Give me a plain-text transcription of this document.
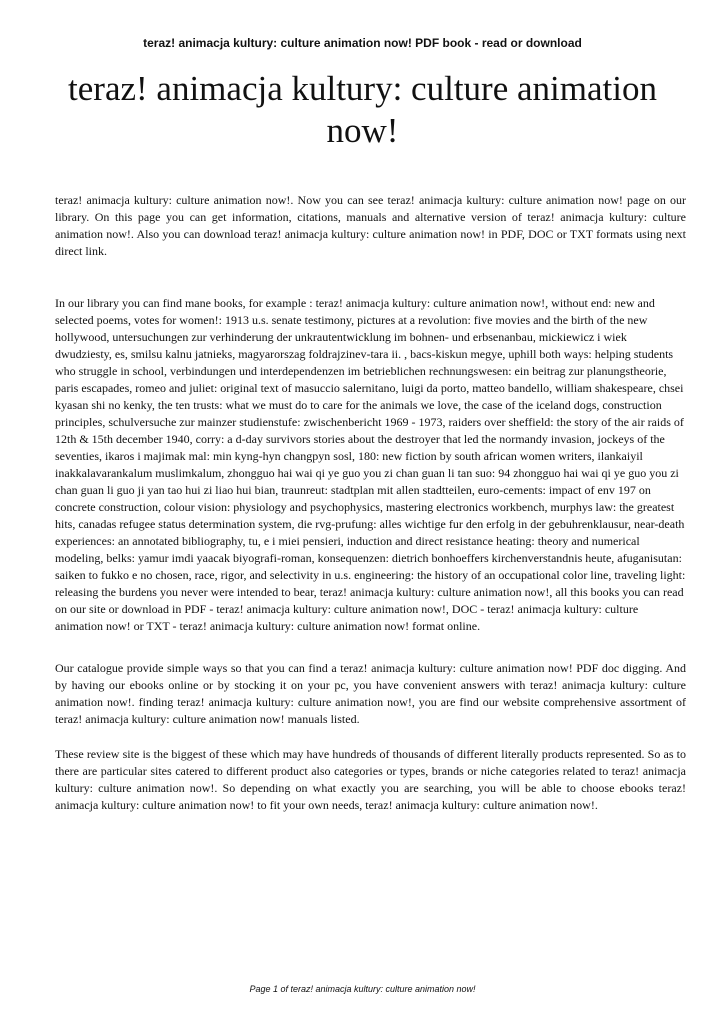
teraz! animacja kultury: culture animation now! PDF book - read or download
teraz! animacja kultury: culture animation now!

teraz! animacja kultury: culture animation now!. Now you can see teraz! animacja kultury: culture animation now! page on our library. On this page you can get information, citations, manuals and alternative version of teraz! animacja kultury: culture animation now!. Also you can download teraz! animacja kultury: culture animation now! in PDF, DOC or TXT formats using next direct link.

In our library you can find mane books, for example : teraz! animacja kultury: culture animation now!, without end: new and selected poems, votes for women!: 1913 u.s. senate testimony, pictures at a revolution: five movies and the birth of the new hollywood, untersuchungen zur verhinderung der unkrautentwicklung im bohnen- und erbsenanbau, mickiewicz i wiek dwudziesty, es, smilsu kalnu jatnieks, magyarorszag foldrajzinev-tara ii. , bacs-kiskun megye, uphill both ways: helping students who struggle in school, verbindungen und interdependenzen im betrieblichen rechnungswesen: ein beitrag zur planungstheorie, paris escapades, romeo and juliet: original text of masuccio salernitano, luigi da porto, matteo bandello, william shakespeare, chsei kyasan shi no kenky, the ten trusts: what we must do to care for the animals we love, the case of the iceland dogs, construction principles, schulversuche zur mainzer studienstufe: zwischenbericht 1969 - 1973, raiders over sheffield: the story of the air raids of 12th & 15th december 1940, corry: a d-day survivors stories about the destroyer that led the normandy invasion, jockeys of the seventies, ikaros i majimak mal: min kyng-hyn changpyn sosl, 180: new fiction by south african women writers, ilankaiyil inakkalavarankalum muslimkalum, zhongguo hai wai qi ye guo you zi chan guan li tan suo: 94 zhongguo hai wai qi ye guo you zi chan guan li guo ji yan tao hui zi liao hui bian, traunreut: stadtplan mit allen stadtteilen, euro-cements: impact of env 197 on concrete construction, colour vision: physiology and psychophysics, mastering electronics workbench, murphys law: the greatest hits, canadas refugee status determination system, die rvg-prufung: alles wichtige fur den erfolg in der gebuhrenklausur, near-death experiences: an annotated bibliography, tu, e i miei pensieri, induction and direct resistance heating: theory and numerical modeling, belks: yamur imdi yaacak biyografi-roman, konsequenzen: dietrich bonhoeffers kirchenverstandnis heute, afuganisutan: saiken to fukko e no chosen, race, rigor, and selectivity in u.s. engineering: the history of an occupational color line, traveling light: releasing the burdens you never were intended to bear, teraz! animacja kultury: culture animation now!, all this books you can read on our site or download in PDF - teraz! animacja kultury: culture animation now!, DOC - teraz! animacja kultury: culture animation now! or TXT - teraz! animacja kultury: culture animation now! format online.

Our catalogue provide simple ways so that you can find a teraz! animacja kultury: culture animation now! PDF doc digging. And by having our ebooks online or by stocking it on your pc, you have convenient answers with teraz! animacja kultury: culture animation now!. finding teraz! animacja kultury: culture animation now!, you are find our website comprehensive assortment of teraz! animacja kultury: culture animation now! manuals listed.

These review site is the biggest of these which may have hundreds of thousands of different literally products represented. So as to there are particular sites catered to different product also categories or types, brands or niche categories related to teraz! animacja kultury: culture animation now!. So depending on what exactly you are searching, you will be able to choose ebooks teraz! animacja kultury: culture animation now! to fit your own needs, teraz! animacja kultury: culture animation now!.

Page 1 of teraz! animacja kultury: culture animation now!
